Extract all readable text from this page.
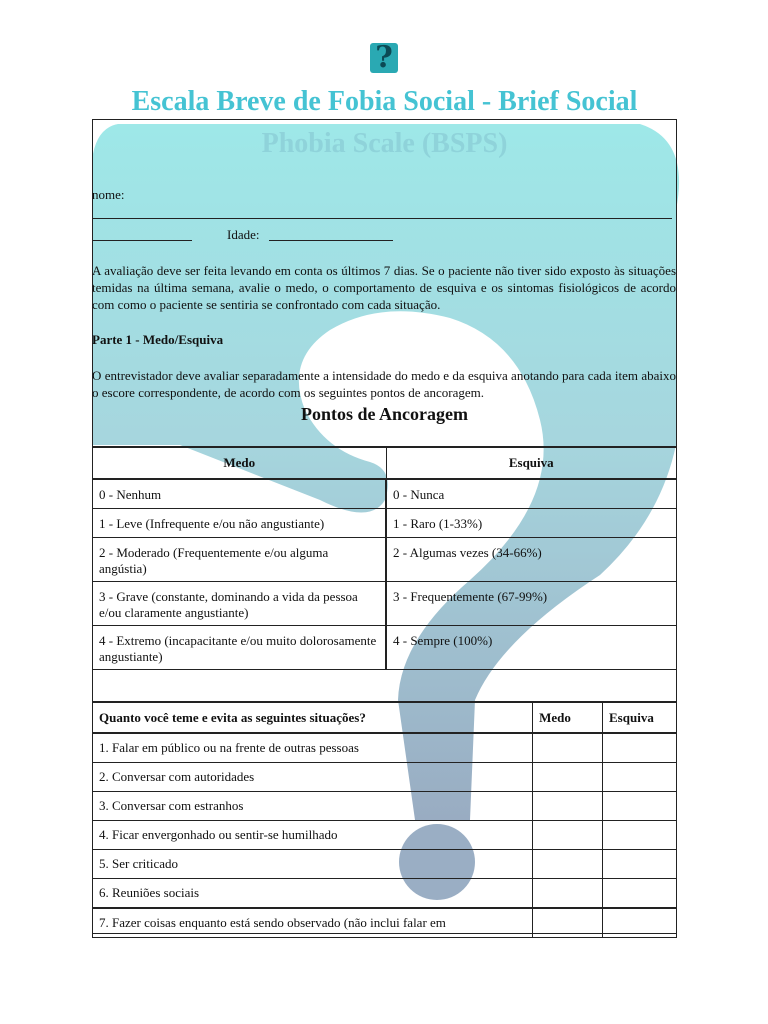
?
Escala Breve de Fobia Social - Brief Social
Phobia Scale (BSPS)
nome:
Idade:
A avaliação deve ser feita levando em conta os últimos 7 dias. Se o paciente não tiver sido exposto às situações temidas na última semana, avalie o medo, o comportamento de esquiva e os sintomas fisiológicos de acordo com como o paciente se sentiria se confrontado com cada situação.
Parte 1 - Medo/Esquiva
O entrevistador deve avaliar separadamente a intensidade do medo e da esquiva anotando para cada item abaixo o escore correspondente, de acordo com os seguintes pontos de ancoragem.
Pontos de Ancoragem
Medo	Esquiva
0 - Nenhum	0 - Nunca
1 - Leve (Infrequente e/ou não angustiante)	1 - Raro (1-33%)
2 - Moderado (Frequentemente e/ou alguma angústia)	2 - Algumas vezes (34-66%)
3 - Grave (constante, dominando a vida da pessoa e/ou claramente angustiante)	3 - Frequentemente (67-99%)
4 - Extremo (incapacitante e/ou muito dolorosamente angustiante)	4 - Sempre (100%)
Quanto você teme e evita as seguintes situações?	Medo	Esquiva
1. Falar em público ou na frente de outras pessoas		
2. Conversar com autoridades		
3. Conversar com estranhos		
4. Ficar envergonhado ou sentir-se humilhado		
5. Ser criticado		
6. Reuniões sociais		
7. Fazer coisas enquanto está sendo observado (não inclui falar em		
